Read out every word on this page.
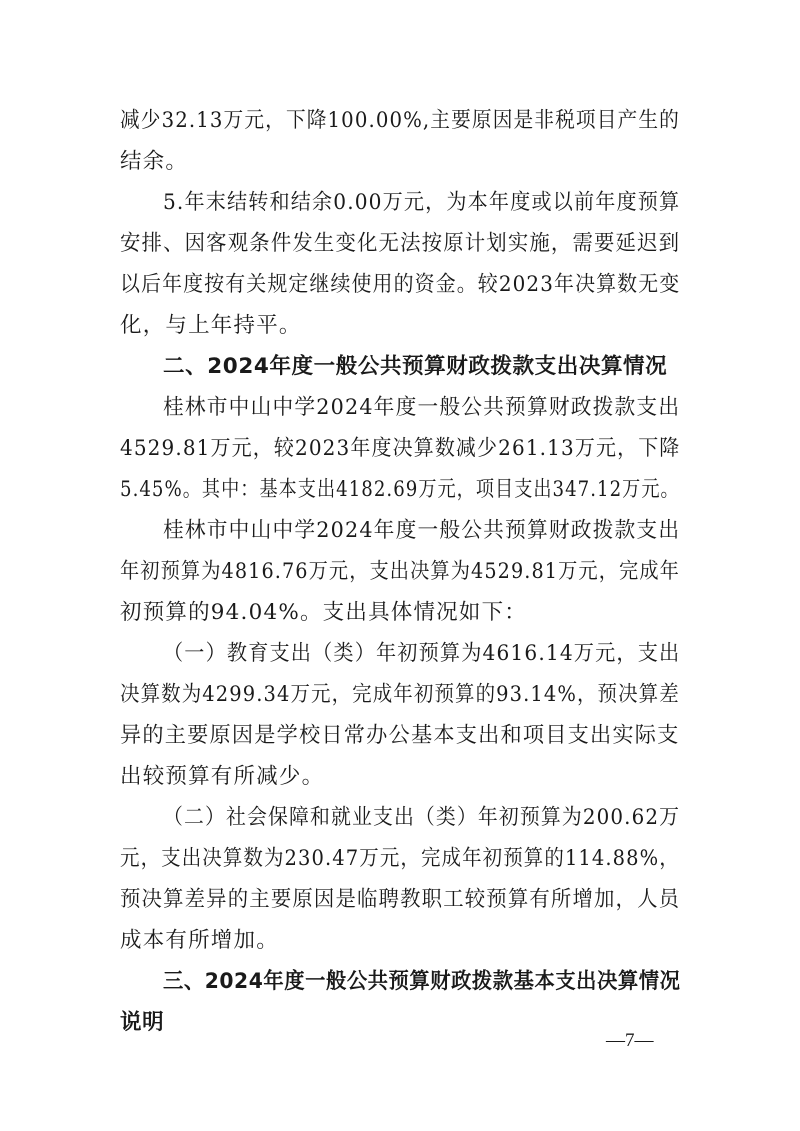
减少32.13万元，下降100.00%,主要原因是非税项目产生的
结余。
5.年末结转和结余0.00万元，为本年度或以前年度预算
安排、因客观条件发生变化无法按原计划实施，需要延迟到
以后年度按有关规定继续使用的资金。较2023年决算数无变
化，与上年持平。
二、2024年度一般公共预算财政拨款支出决算情况
桂林市中山中学2024年度一般公共预算财政拨款支出
4529.81万元，较2023年度决算数减少261.13万元，下降
5.45%。其中：基本支出4182.69万元，项目支出347.12万元。
桂林市中山中学2024年度一般公共预算财政拨款支出
年初预算为4816.76万元，支出决算为4529.81万元，完成年
初预算的94.04%。支出具体情况如下：
（一）教育支出（类）年初预算为4616.14万元，支出
决算数为4299.34万元，完成年初预算的93.14%，预决算差
异的主要原因是学校日常办公基本支出和项目支出实际支
出较预算有所减少。
（二）社会保障和就业支出（类）年初预算为200.62万
元，支出决算数为230.47万元，完成年初预算的114.88%，
预决算差异的主要原因是临聘教职工较预算有所增加，人员
成本有所增加。
三、2024年度一般公共预算财政拨款基本支出决算情况
说明
—7—
